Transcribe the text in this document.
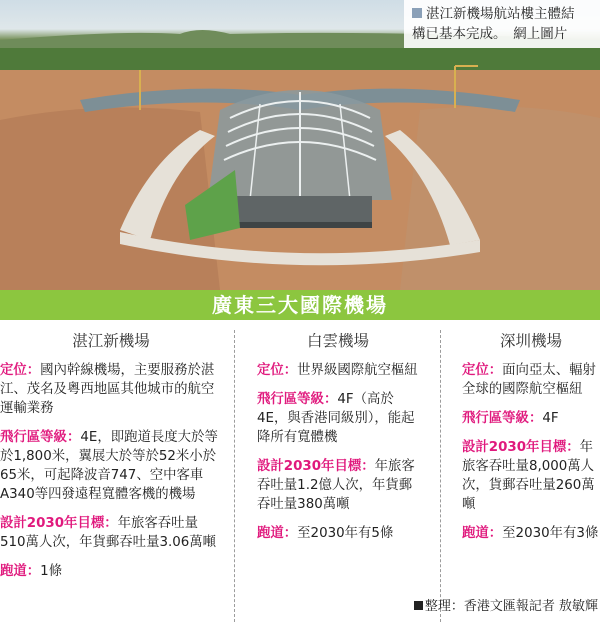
湛江新機場航站樓主體結
構已基本完成。　網上圖片
廣東三大國際機場
湛江新機場
定位：國內幹線機場，主要服務於湛江、茂名及粵西地區其他城市的航空運輸業務
飛行區等級：4E，即跑道長度大於等於1,800米，翼展大於等於52米小於65米，可起降波音747、空中客車A340等四發遠程寬體客機的機場
設計2030年目標：年旅客吞吐量510萬人次，年貨郵吞吐量3.06萬噸
跑道：1條
白雲機場
定位：世界級國際航空樞紐
飛行區等級：4F（高於4E，與香港同級別），能起降所有寬體機
設計2030年目標：年旅客吞吐量1.2億人次，年貨郵吞吐量380萬噸
跑道：至2030年有5條
深圳機場
定位：面向亞太、輻射全球的國際航空樞紐
飛行區等級：4F
設計2030年目標：年旅客吞吐量8,000萬人次，貨郵吞吐量260萬噸
跑道：至2030年有3條
整理：香港文匯報記者 敖敏輝
